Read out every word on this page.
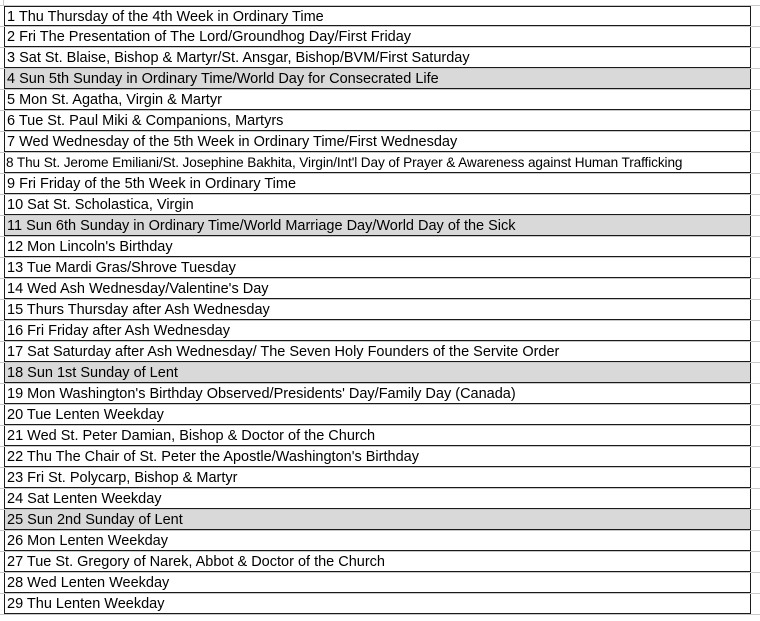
1 Thu Thursday of the 4th Week in Ordinary Time
2 Fri The Presentation of The Lord/Groundhog Day/First Friday
3 Sat St. Blaise, Bishop & Martyr/St. Ansgar, Bishop/BVM/First Saturday
4 Sun 5th Sunday in Ordinary Time/World Day for Consecrated Life
5 Mon St. Agatha, Virgin & Martyr
6 Tue St. Paul Miki & Companions, Martyrs
7 Wed Wednesday of the 5th Week in Ordinary Time/First Wednesday
8 Thu St. Jerome Emiliani/St. Josephine Bakhita, Virgin/Int'l Day of Prayer & Awareness against Human Trafficking
9 Fri Friday of the 5th Week in Ordinary Time
10 Sat St. Scholastica, Virgin
11 Sun 6th Sunday in Ordinary Time/World Marriage Day/World Day of the Sick
12 Mon Lincoln's Birthday
13 Tue Mardi Gras/Shrove Tuesday
14 Wed Ash Wednesday/Valentine's Day
15 Thurs Thursday after Ash Wednesday
16 Fri Friday after Ash Wednesday
17 Sat Saturday after Ash Wednesday/ The Seven Holy Founders of the Servite Order
18 Sun 1st Sunday of Lent
19 Mon Washington's Birthday Observed/Presidents' Day/Family Day (Canada)
20 Tue Lenten Weekday
21 Wed St. Peter Damian, Bishop & Doctor of the Church
22 Thu The Chair of St. Peter the Apostle/Washington's Birthday
23 Fri St. Polycarp, Bishop & Martyr
24 Sat Lenten Weekday
25 Sun 2nd Sunday of Lent
26 Mon Lenten Weekday
27 Tue St. Gregory of Narek, Abbot & Doctor of the Church
28 Wed Lenten Weekday
29 Thu Lenten Weekday
